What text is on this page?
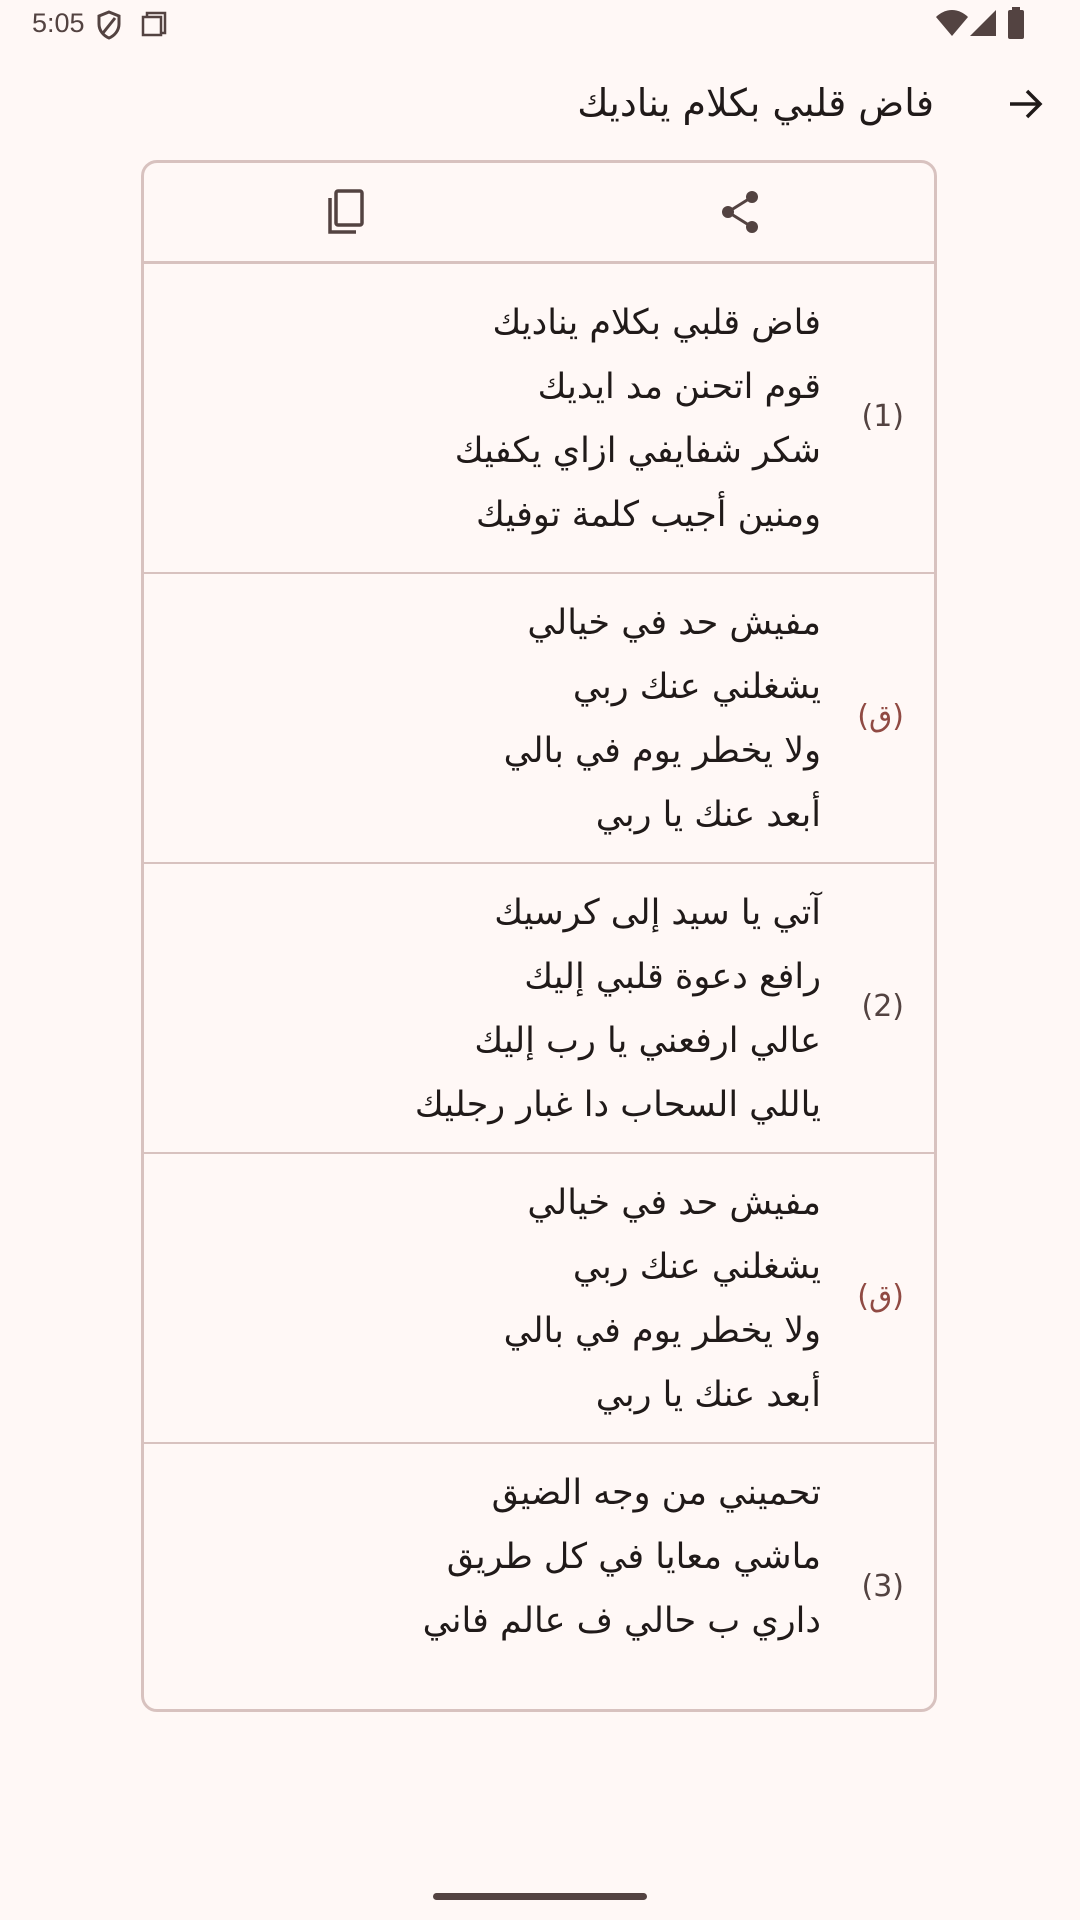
5:05
فاض قلبي بكلام يناديك
(1)
فاض قلبي بكلام يناديك
قوم اتحنن مد ايديك
شكر شفايفي ازاي يكفيك
ومنين أجيب كلمة توفيك
(ق)
مفيش حد في خيالي
يشغلني عنك ربي
ولا يخطر يوم في بالي
أبعد عنك يا ربي
(2)
آتي يا سيد إلى كرسيك
رافع دعوة قلبي إليك
عالي ارفعني يا رب إليك
ياللي السحاب دا غبار رجليك
(ق)
مفيش حد في خيالي
يشغلني عنك ربي
ولا يخطر يوم في بالي
أبعد عنك يا ربي
(3)
تحميني من وجه الضيق
ماشي معايا في كل طريق
داري ب حالي ف عالم فاني
